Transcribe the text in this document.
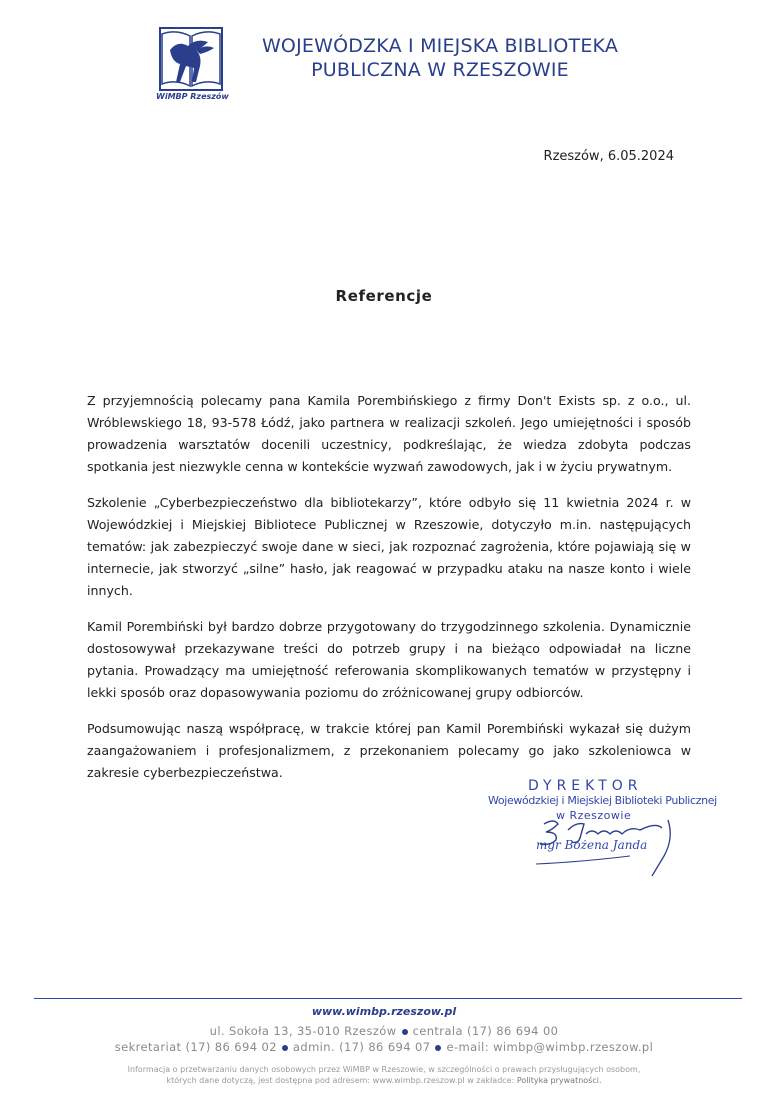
WOJEWÓDZKA I MIEJSKA BIBLIOTEKA
PUBLICZNA W RZESZOWIE
WiMBP Rzeszów
Rzeszów, 6.05.2024
Referencje

Z przyjemnością polecamy pana Kamila Porembińskiego z firmy Don't Exists sp. z o.o., ul. Wróblewskiego 18, 93-578 Łódź, jako partnera w realizacji szkoleń. Jego umiejętności i sposób prowadzenia warsztatów docenili uczestnicy, podkreślając, że wiedza zdobyta podczas spotkania jest niezwykle cenna w kontekście wyzwań zawodowych, jak i w życiu prywatnym.

Szkolenie „Cyberbezpieczeństwo dla bibliotekarzy”, które odbyło się 11 kwietnia 2024 r. w Wojewódzkiej i Miejskiej Bibliotece Publicznej w Rzeszowie, dotyczyło m.in. następujących tematów: jak zabezpieczyć swoje dane w sieci, jak rozpoznać zagrożenia, które pojawiają się w internecie, jak stworzyć „silne” hasło, jak reagować w przypadku ataku na nasze konto i wiele innych.

Kamil Porembiński był bardzo dobrze przygotowany do trzygodzinnego szkolenia. Dynamicznie dostosowywał przekazywane treści do potrzeb grupy i na bieżąco odpowiadał na liczne pytania. Prowadzący ma umiejętność referowania skomplikowanych tematów w przystępny i lekki sposób oraz dopasowywania poziomu do zróżnicowanej grupy odbiorców.

Podsumowując naszą współpracę, w trakcie której pan Kamil Porembiński wykazał się dużym zaangażowaniem i profesjonalizmem, z przekonaniem polecamy go jako szkoleniowca w zakresie cyberbezpieczeństwa.

DYREKTOR
Wojewódzkiej i Miejskiej Biblioteki Publicznej
w Rzeszowie
mgr Bożena Janda
www.wimbp.rzeszow.pl
ul. Sokoła 13, 35-010 Rzeszów centrala (17) 86 694 00
sekretariat (17) 86 694 02 admin. (17) 86 694 07 e-mail: wimbp@wimbp.rzeszow.pl
Informacja o przetwarzaniu danych osobowych przez WiMBP w Rzeszowie, w szczególności o prawach przysługujących osobom,
których dane dotyczą, jest dostępna pod adresem: www.wimbp.rzeszow.pl w zakładce: Polityka prywatności.
